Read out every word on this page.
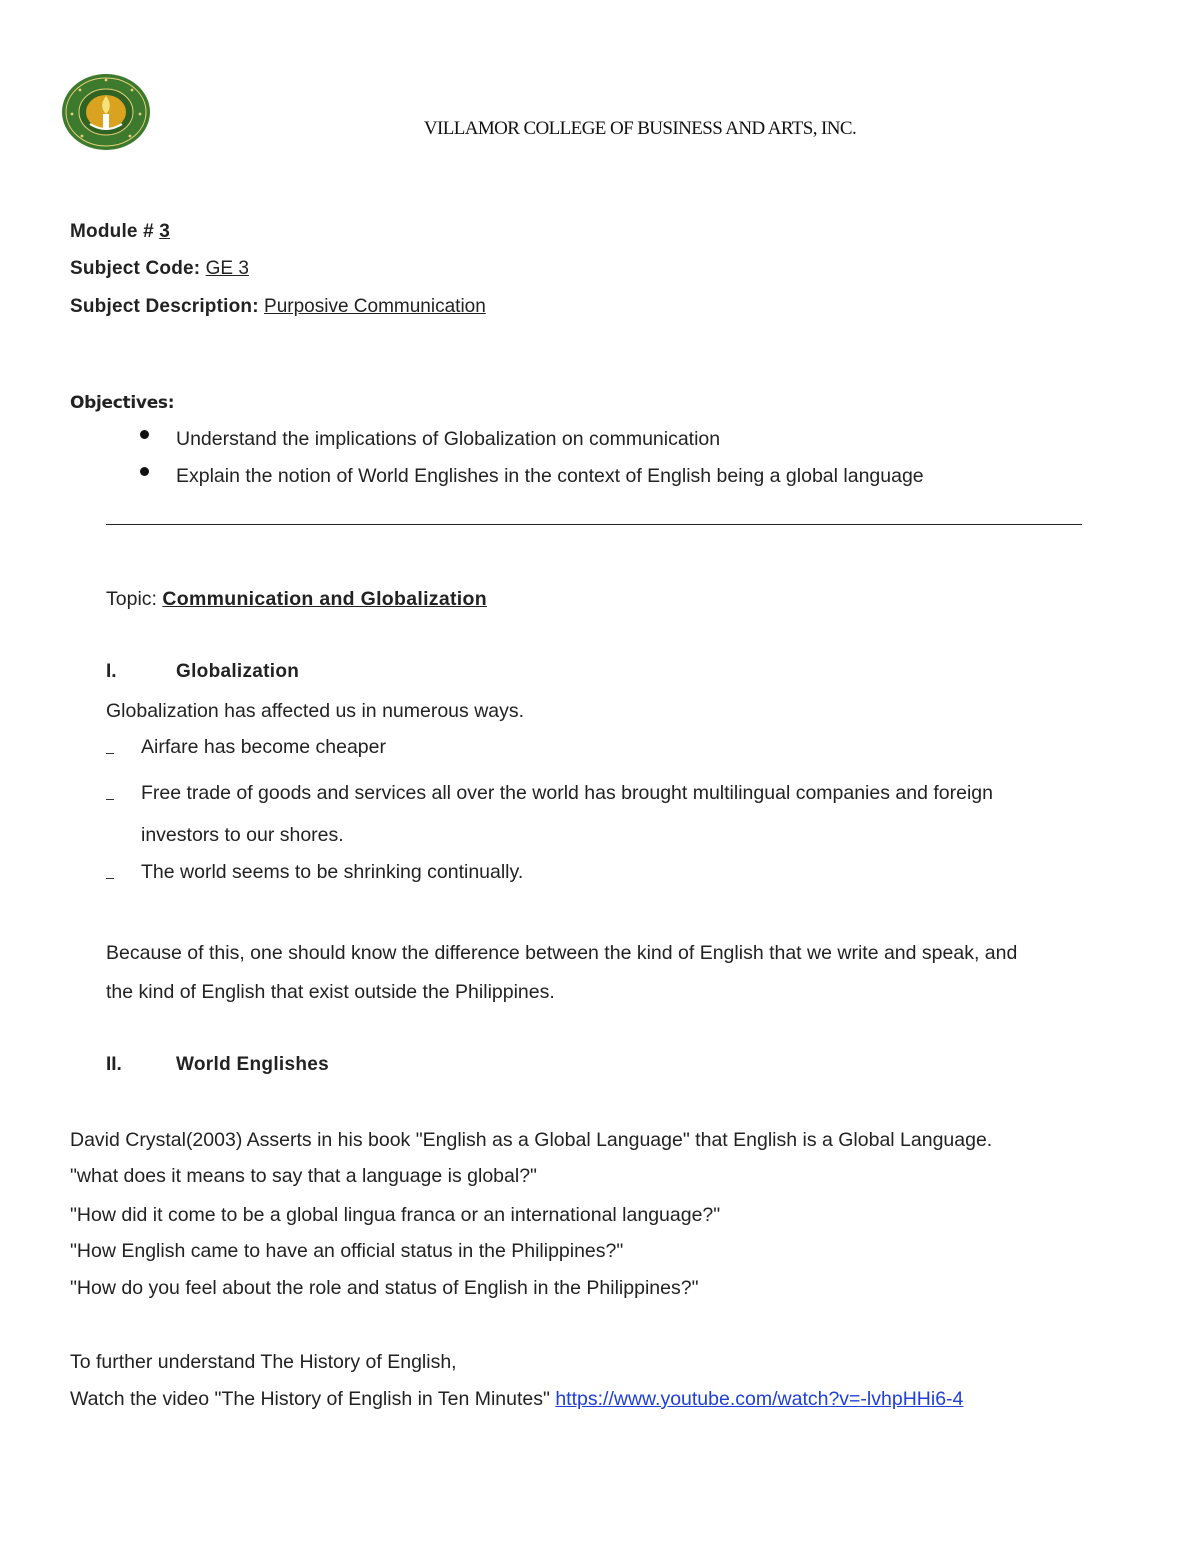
VILLAMOR COLLEGE OF BUSINESS AND ARTS, INC.
Module # 3
Subject Code: GE 3
Subject Description: Purposive Communication
Objectives:
Understand the implications of Globalization on communication
Explain the notion of World Englishes in the context of English being a global language
Topic: Communication and Globalization
I.	Globalization
Globalization has affected us in numerous ways.
Airfare has become cheaper
Free trade of goods and services all over the world has brought multilingual companies and foreign
investors to our shores.
The world seems to be shrinking continually.
Because of this, one should know the difference between the kind of English that we write and speak, and
the kind of English that exist outside the Philippines.
II.	World Englishes
David Crystal(2003) Asserts in his book "English as a Global Language" that English is a Global Language.
"what does it means to say that a language is global?"
"How did it come to be a global lingua franca or an international language?"
"How English came to have an official status in the Philippines?"
"How do you feel about the role and status of English in the Philippines?"
To further understand The History of English,
Watch the video "The History of English in Ten Minutes" https://www.youtube.com/watch?v=-lvhpHHi6-4
